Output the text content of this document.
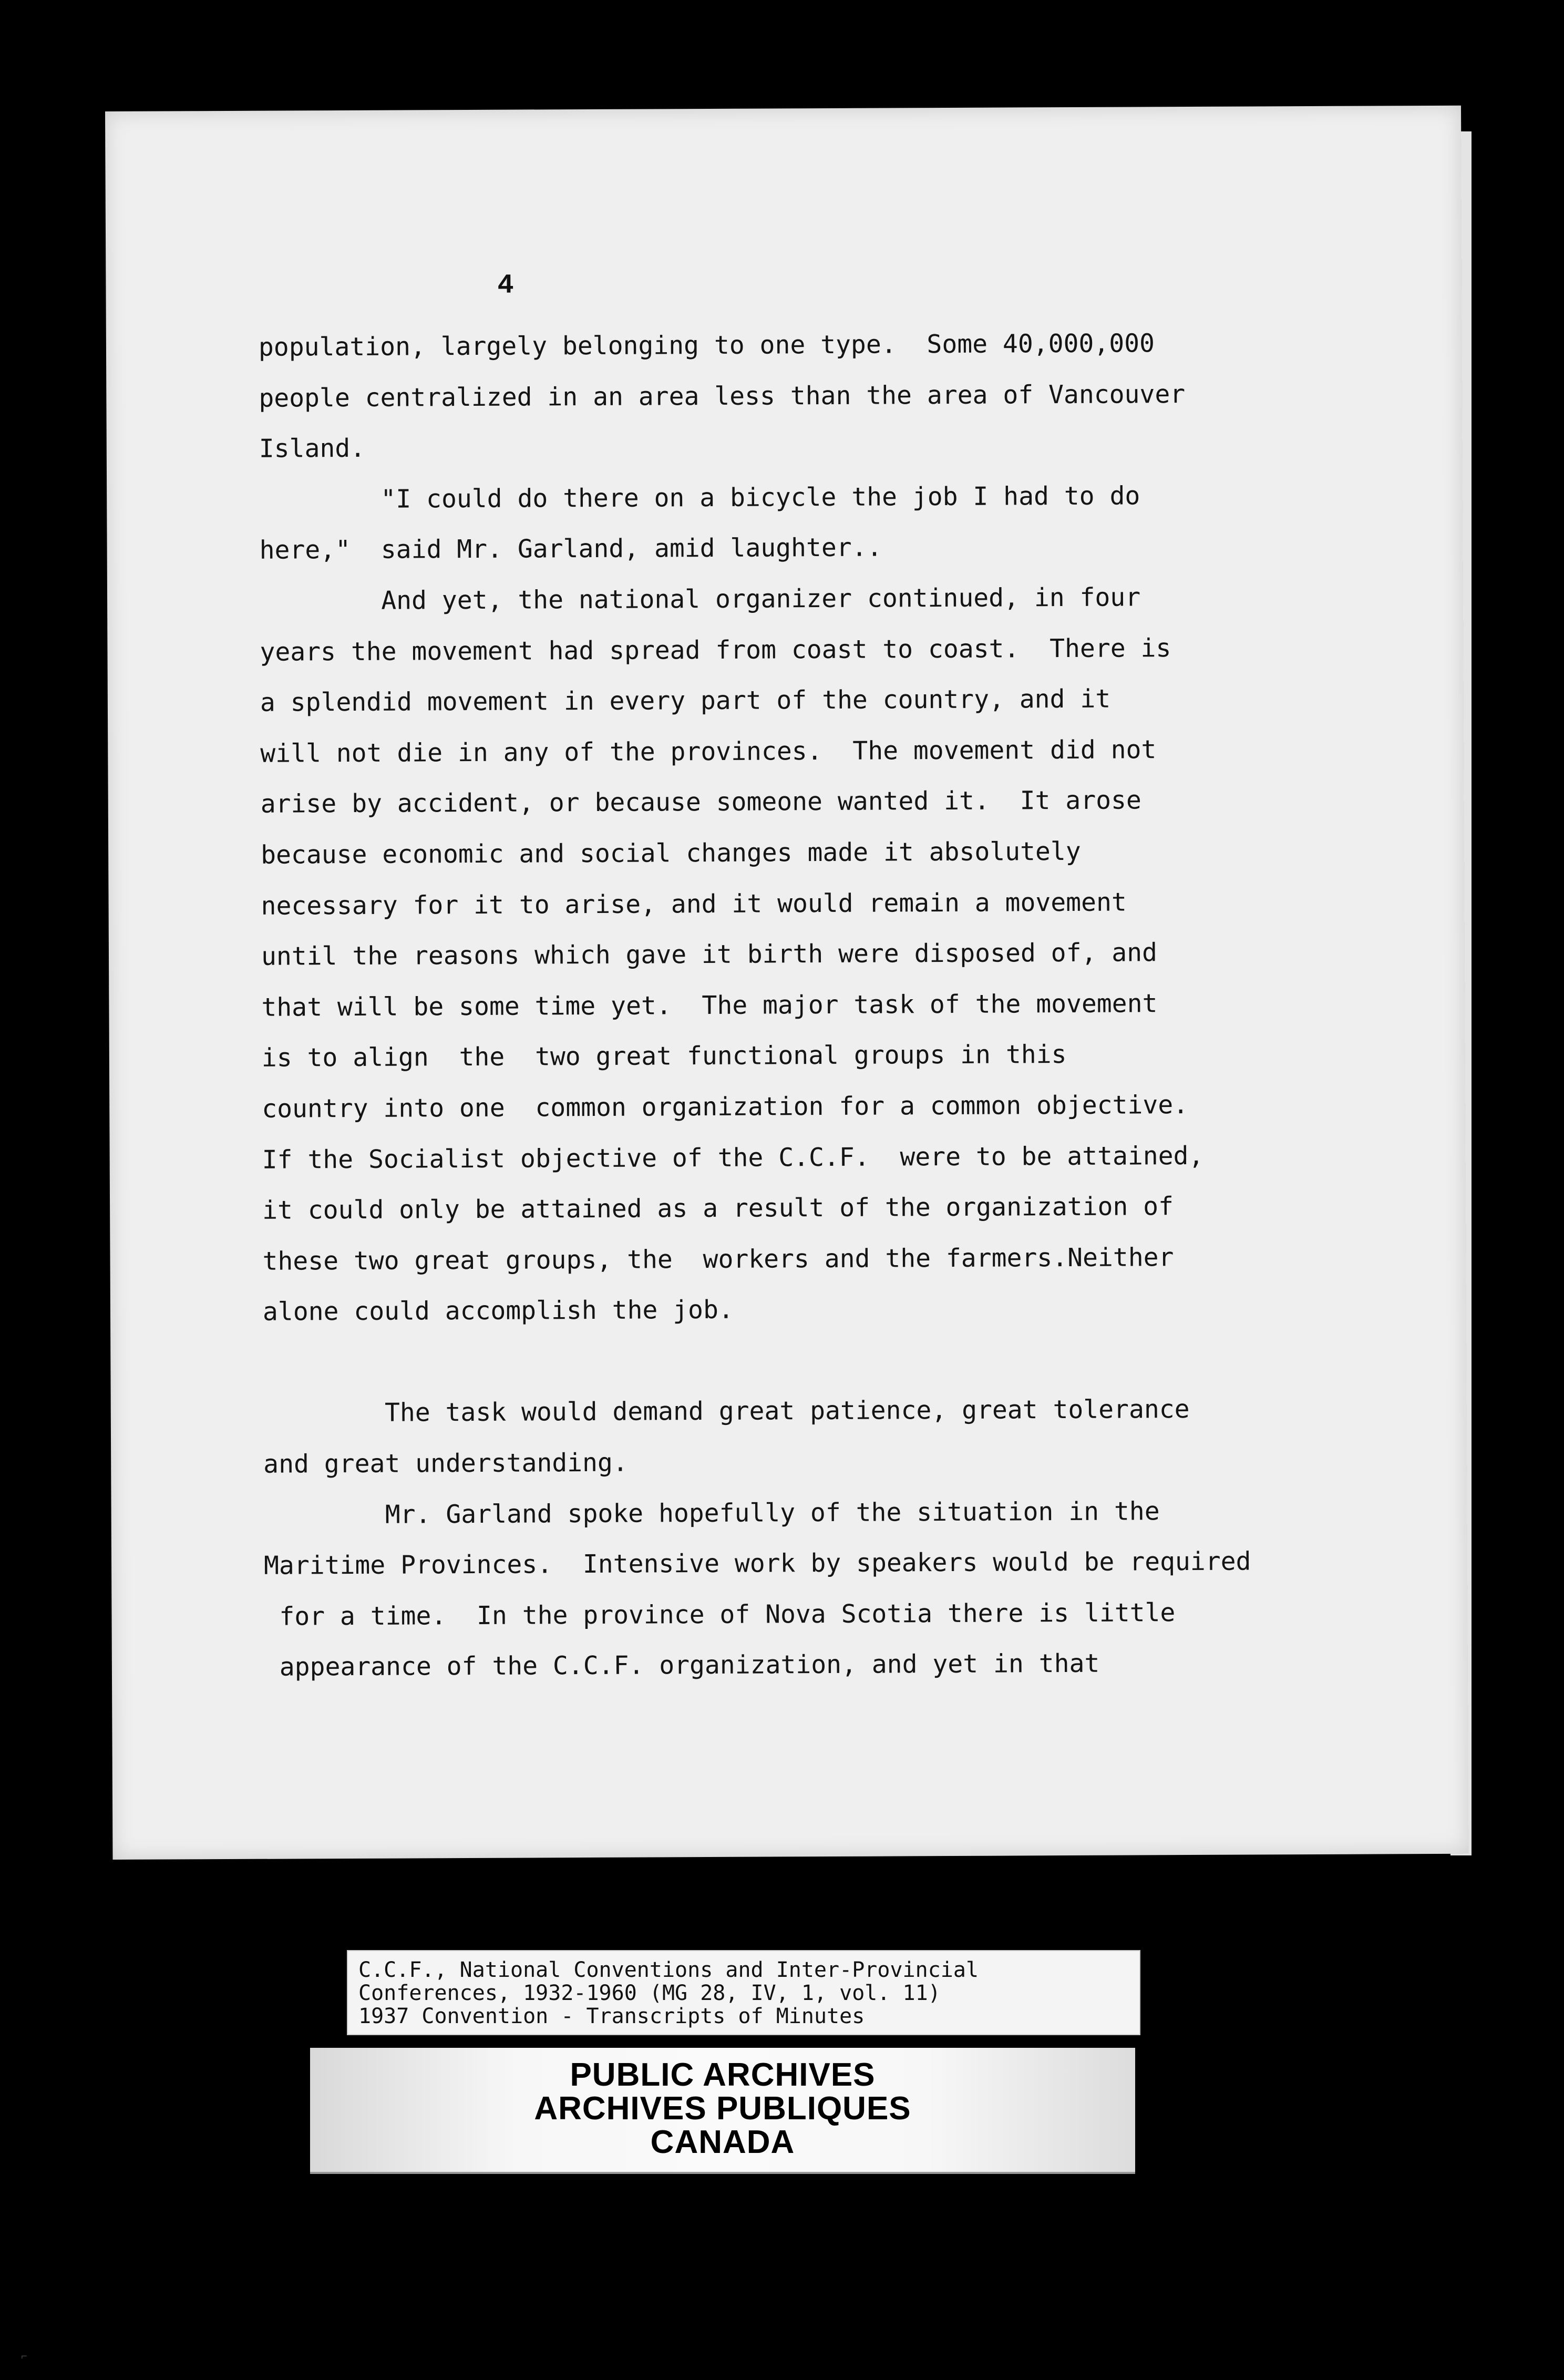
4
population, largely belonging to one type.  Some 40,000,000
people centralized in an area less than the area of Vancouver
Island.
"I could do there on a bicycle the job I had to do
here,"  said Mr. Garland, amid laughter..
And yet, the national organizer continued, in four
years the movement had spread from coast to coast.  There is
a splendid movement in every part of the country, and it
will not die in any of the provinces.  The movement did not
arise by accident, or because someone wanted it.  It arose
because economic and social changes made it absolutely
necessary for it to arise, and it would remain a movement
until the reasons which gave it birth were disposed of, and
that will be some time yet.  The major task of the movement
is to align  the  two great functional groups in this
country into one  common organization for a common objective.
If the Socialist objective of the C.C.F.  were to be attained,
it could only be attained as a result of the organization of
these two great groups, the  workers and the farmers.Neither
alone could accomplish the job.

The task would demand great patience, great tolerance
and great understanding.
Mr. Garland spoke hopefully of the situation in the
Maritime Provinces.  Intensive work by speakers would be required
for a time.  In the province of Nova Scotia there is little
appearance of the C.C.F. organization, and yet in that
C.C.F., National Conventions and Inter-Provincial
Conferences, 1932-1960 (MG 28, IV, 1, vol. 11)
1937 Convention - Transcripts of Minutes
PUBLIC ARCHIVES
ARCHIVES PUBLIQUES
CANADA
⌐
